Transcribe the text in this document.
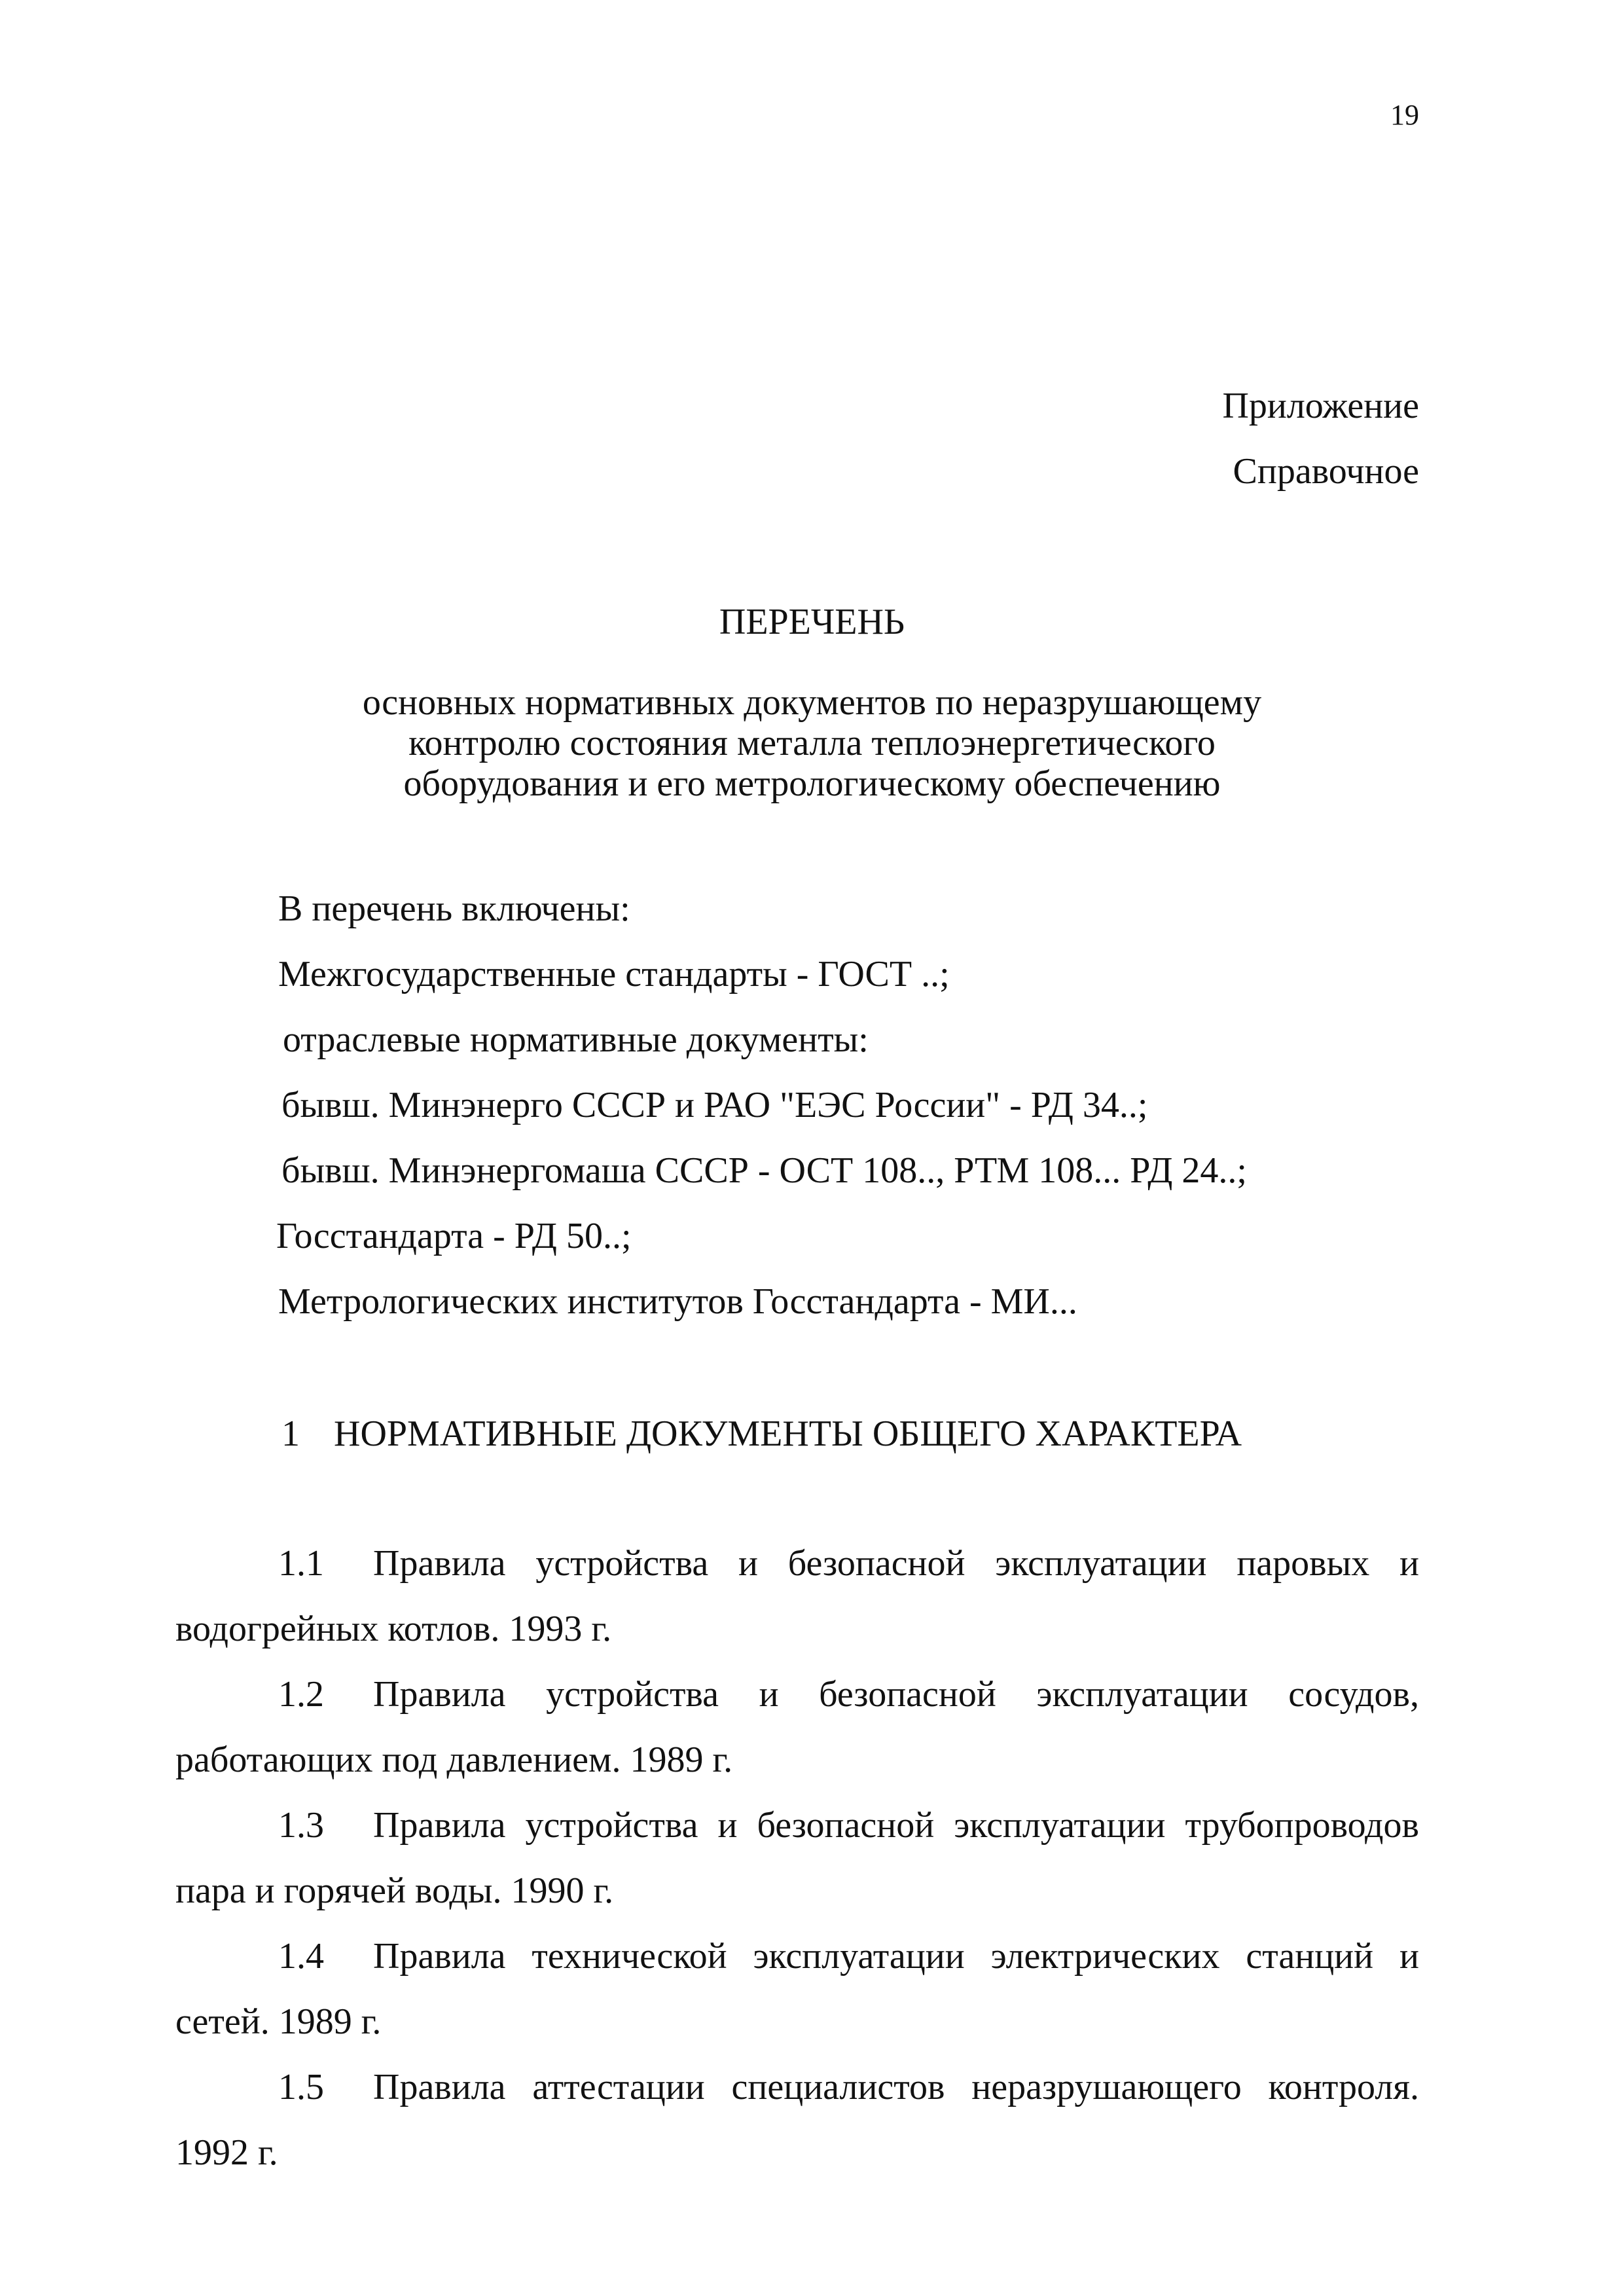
19
Приложение
Справочное
ПЕРЕЧЕНЬ
основных нормативных документов по неразрушающему
контролю состояния металла теплоэнергетического
оборудования и его метрологическому обеспечению
В перечень включены:
Межгосударственные стандарты - ГОСТ ..;
отраслевые нормативные документы:
бывш. Минэнерго СССР и РАО "ЕЭС России" - РД 34..;
бывш. Минэнергомаша СССР - ОСТ 108.., РТМ 108... РД 24..;
Госстандарта - РД 50..;
Метрологических институтов Госстандарта - МИ...
1 НОРМАТИВНЫЕ ДОКУМЕНТЫ ОБЩЕГО ХАРАКТЕРА
1.1 Правила устройства и безопасной эксплуатации паровых и
водогрейных котлов. 1993 г.
1.2 Правила устройства и безопасной эксплуатации сосудов,
работающих под давлением. 1989 г.
1.3 Правила устройства и безопасной эксплуатации трубопроводов
пара и горячей воды. 1990 г.
1.4 Правила технической эксплуатации электрических станций и
сетей. 1989 г.
1.5 Правила аттестации специалистов неразрушающего контроля.
1992 г.
